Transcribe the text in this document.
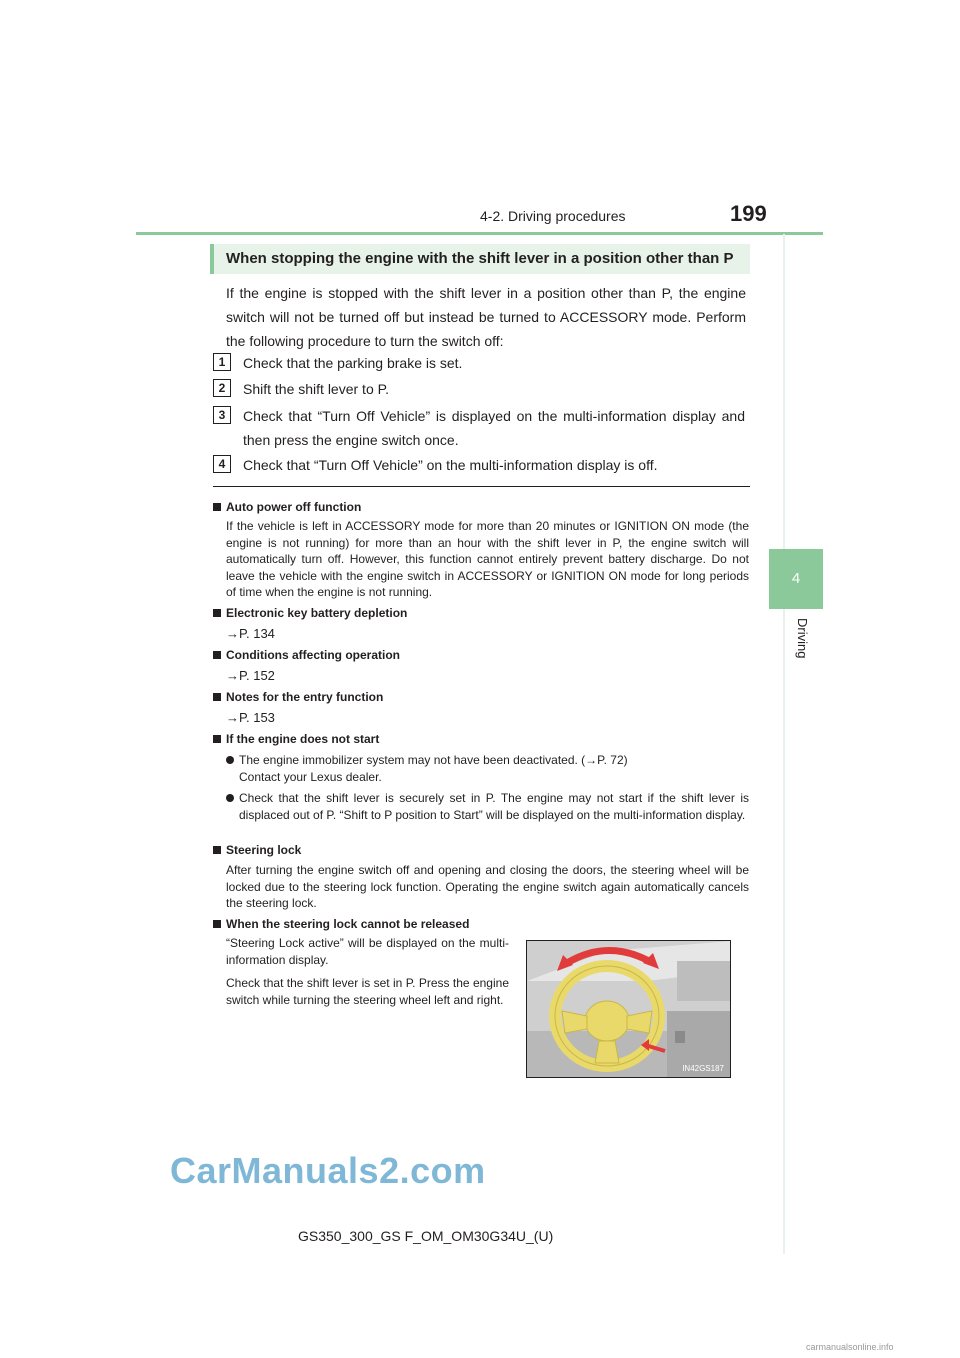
4-2. Driving procedures	199
4
Driving
When stopping the engine with the shift lever in a position other than P
If the engine is stopped with the shift lever in a position other than P, the engine switch will not be turned off but instead be turned to ACCESSORY mode. Perform the following procedure to turn the switch off:
1	Check that the parking brake is set.
2	Shift the shift lever to P.
3	Check that “Turn Off Vehicle” is displayed on the multi-information display and then press the engine switch once.
4	Check that “Turn Off Vehicle” on the multi-information display is off.
Auto power off function
If the vehicle is left in ACCESSORY mode for more than 20 minutes or IGNITION ON mode (the engine is not running) for more than an hour with the shift lever in P, the engine switch will automatically turn off. However, this function cannot entirely prevent battery discharge. Do not leave the vehicle with the engine switch in ACCESSORY or IGNITION ON mode for long periods of time when the engine is not running.
Electronic key battery depletion
→P. 134
Conditions affecting operation
→P. 152
Notes for the entry function
→P. 153
If the engine does not start
The engine immobilizer system may not have been deactivated. (→P. 72)
Contact your Lexus dealer.
Check that the shift lever is securely set in P. The engine may not start if the shift lever is displaced out of P. “Shift to P position to Start” will be displayed on the multi-information display.
Steering lock
After turning the engine switch off and opening and closing the doors, the steering wheel will be locked due to the steering lock function. Operating the engine switch again automatically cancels the steering lock.
When the steering lock cannot be released
“Steering Lock active” will be displayed on the multi-information display.
Check that the shift lever is set in P. Press the engine switch while turning the steering wheel left and right.
IN42GS187
CarManuals2.com
GS350_300_GS F_OM_OM30G34U_(U)
carmanualsonline.info
